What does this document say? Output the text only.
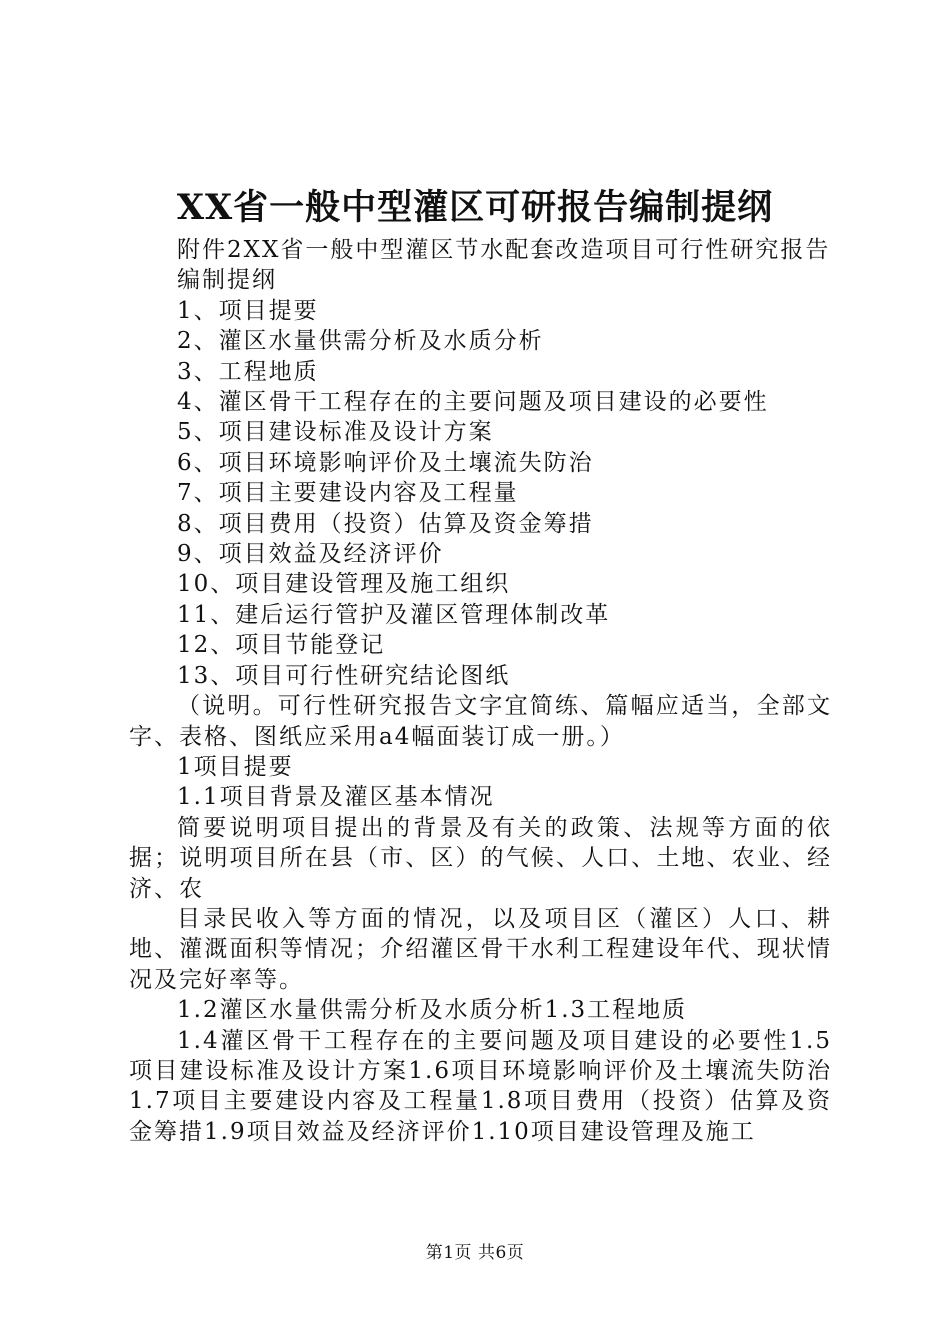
XX省一般中型灌区可研报告编制提纲

附件2XX省一般中型灌区节水配套改造项目可行性研究报告

编制提纲

1、项目提要

2、灌区水量供需分析及水质分析

3、工程地质

4、灌区骨干工程存在的主要问题及项目建设的必要性

5、项目建设标准及设计方案

6、项目环境影响评价及土壤流失防治

7、项目主要建设内容及工程量

8、项目费用（投资）估算及资金筹措

9、项目效益及经济评价

10、项目建设管理及施工组织

11、建后运行管护及灌区管理体制改革

12、项目节能登记

13、项目可行性研究结论图纸

（说明。可行性研究报告文字宜简练、篇幅应适当，全部文字、表格、图纸应采用a4幅面装订成一册。）

1项目提要

1.1项目背景及灌区基本情况

简要说明项目提出的背景及有关的政策、法规等方面的依据；说明项目所在县（市、区）的气候、人口、土地、农业、经济、农

目录民收入等方面的情况，以及项目区（灌区）人口、耕地、灌溉面积等情况；介绍灌区骨干水利工程建设年代、现状情况及完好率等。

1.2灌区水量供需分析及水质分析1.3工程地质

1.4灌区骨干工程存在的主要问题及项目建设的必要性1.5项目建设标准及设计方案1.6项目环境影响评价及土壤流失防治1.7项目主要建设内容及工程量1.8项目费用（投资）估算及资金筹措1.9项目效益及经济评价1.10项目建设管理及施工

第1页 共6页
